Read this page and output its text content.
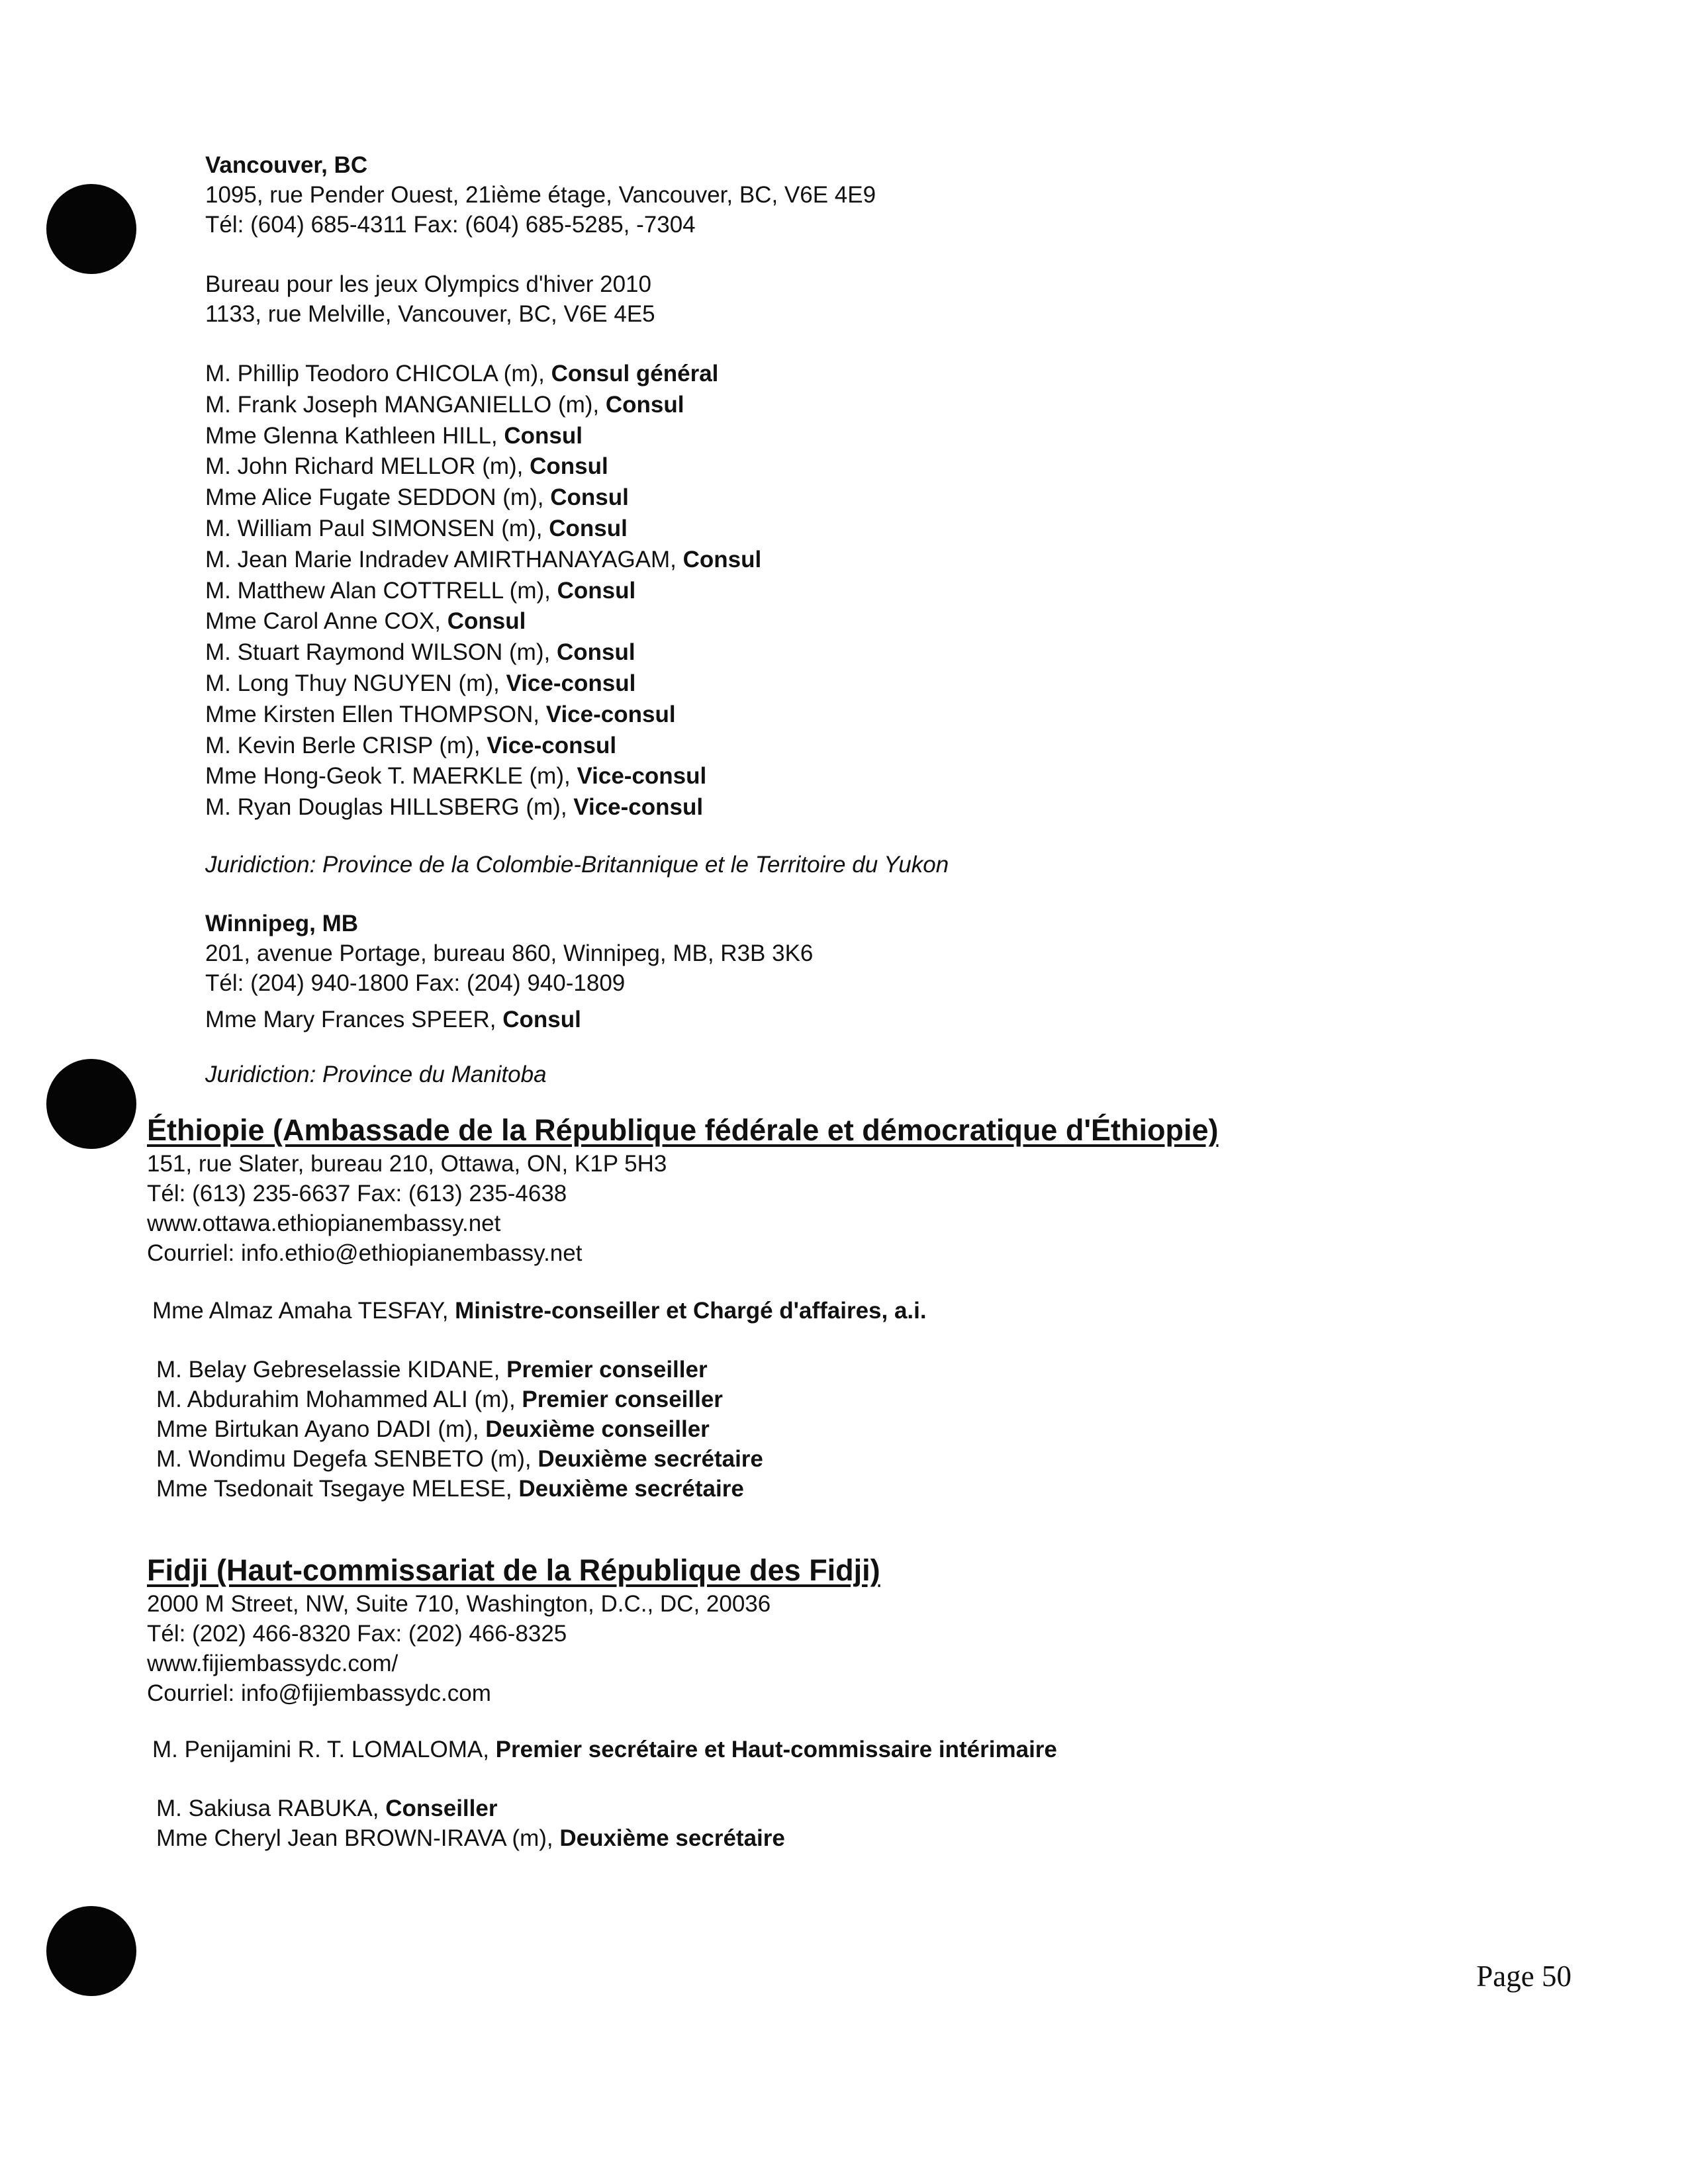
Vancouver, BC
1095, rue Pender Ouest, 21ième étage, Vancouver, BC, V6E 4E9
Tél: (604) 685-4311 Fax: (604) 685-5285, -7304
Bureau pour les jeux Olympics d'hiver 2010
1133, rue Melville, Vancouver, BC, V6E 4E5
M. Phillip Teodoro CHICOLA (m), Consul général
M. Frank Joseph MANGANIELLO (m), Consul
Mme Glenna Kathleen HILL, Consul
M. John Richard MELLOR (m), Consul
Mme Alice Fugate SEDDON (m), Consul
M. William Paul SIMONSEN (m), Consul
M. Jean Marie Indradev AMIRTHANAYAGAM, Consul
M. Matthew Alan COTTRELL (m), Consul
Mme Carol Anne COX, Consul
M. Stuart Raymond WILSON (m), Consul
M. Long Thuy NGUYEN (m), Vice-consul
Mme Kirsten Ellen THOMPSON, Vice-consul
M. Kevin Berle CRISP (m), Vice-consul
Mme Hong-Geok T. MAERKLE (m), Vice-consul
M. Ryan Douglas HILLSBERG (m), Vice-consul
Juridiction: Province de la Colombie-Britannique et le Territoire du Yukon
Winnipeg, MB
201, avenue Portage, bureau 860, Winnipeg, MB, R3B 3K6
Tél: (204) 940-1800 Fax: (204) 940-1809
Mme Mary Frances SPEER, Consul
Juridiction: Province du Manitoba
Éthiopie (Ambassade de la République fédérale et démocratique d'Éthiopie)
151, rue Slater, bureau 210, Ottawa, ON, K1P 5H3
Tél: (613) 235-6637 Fax: (613) 235-4638
www.ottawa.ethiopianembassy.net
Courriel: info.ethio@ethiopianembassy.net
Mme Almaz Amaha TESFAY, Ministre-conseiller et Chargé d'affaires, a.i.
M. Belay Gebreselassie KIDANE, Premier conseiller
M. Abdurahim Mohammed ALI (m), Premier conseiller
Mme Birtukan Ayano DADI (m), Deuxième conseiller
M. Wondimu Degefa SENBETO (m), Deuxième secrétaire
Mme Tsedonait Tsegaye MELESE, Deuxième secrétaire
Fidji (Haut-commissariat de la République des Fidji)
2000 M Street, NW, Suite 710, Washington, D.C., DC, 20036
Tél: (202) 466-8320 Fax: (202) 466-8325
www.fijiembassydc.com/
Courriel: info@fijiembassydc.com
M. Penijamini R. T. LOMALOMA, Premier secrétaire et Haut-commissaire intérimaire
M. Sakiusa RABUKA, Conseiller
Mme Cheryl Jean BROWN-IRAVA (m), Deuxième secrétaire
Page 50
